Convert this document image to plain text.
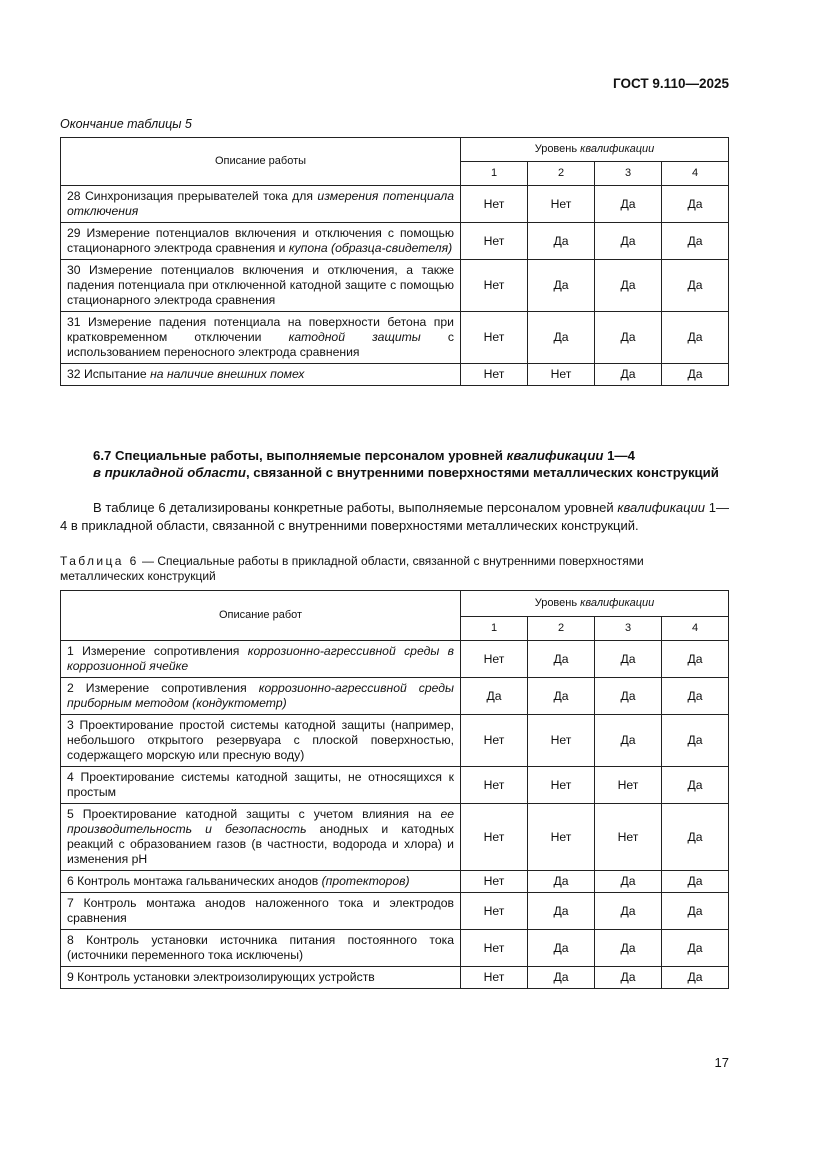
ГОСТ 9.110—2025
Окончание таблицы 5
Описание работы	Уровень квалификации			
	1	2	3	4
28 Синхронизация прерывателей тока для измерения потенциала отключения	Нет	Нет	Да	Да
29 Измерение потенциалов включения и отключения с помощью стационарного электрода сравнения и купона (образца-свидетеля)	Нет	Да	Да	Да
30 Измерение потенциалов включения и отключения, а также падения потенциала при отключенной катодной защите с помощью стационарного электрода сравнения	Нет	Да	Да	Да
31 Измерение падения потенциала на поверхности бетона при кратковременном отключении катодной защиты с использованием переносного электрода сравнения	Нет	Да	Да	Да
32 Испытание на наличие внешних помех	Нет	Нет	Да	Да
6.7 Специальные работы, выполняемые персоналом уровней квалификации 1—4
в прикладной области, связанной с внутренними поверхностями металлических конструкций
В таблице 6 детализированы конкретные работы, выполняемые персоналом уровней квалификации 1—4 в прикладной области, связанной с внутренними поверхностями металлических конструкций.
Таблица 6 — Специальные работы в прикладной области, связанной с внутренними поверхностями металлических конструкций
Описание работ	Уровень квалификации			
	1	2	3	4
1 Измерение сопротивления коррозионно-агрессивной среды в коррозионной ячейке	Нет	Да	Да	Да
2 Измерение сопротивления коррозионно-агрессивной среды приборным методом (кондуктометр)	Да	Да	Да	Да
3 Проектирование простой системы катодной защиты (например, небольшого открытого резервуара с плоской поверхностью, содержащего морскую или пресную воду)	Нет	Нет	Да	Да
4 Проектирование системы катодной защиты, не относящихся к простым	Нет	Нет	Нет	Да
5 Проектирование катодной защиты с учетом влияния на ее производительность и безопасность анодных и катодных реакций с образованием газов (в частности, водорода и хлора) и изменения pH	Нет	Нет	Нет	Да
6 Контроль монтажа гальванических анодов (протекторов)	Нет	Да	Да	Да
7 Контроль монтажа анодов наложенного тока и электродов сравнения	Нет	Да	Да	Да
8 Контроль установки источника питания постоянного тока (источники переменного тока исключены)	Нет	Да	Да	Да
9 Контроль установки электроизолирующих устройств	Нет	Да	Да	Да
17
